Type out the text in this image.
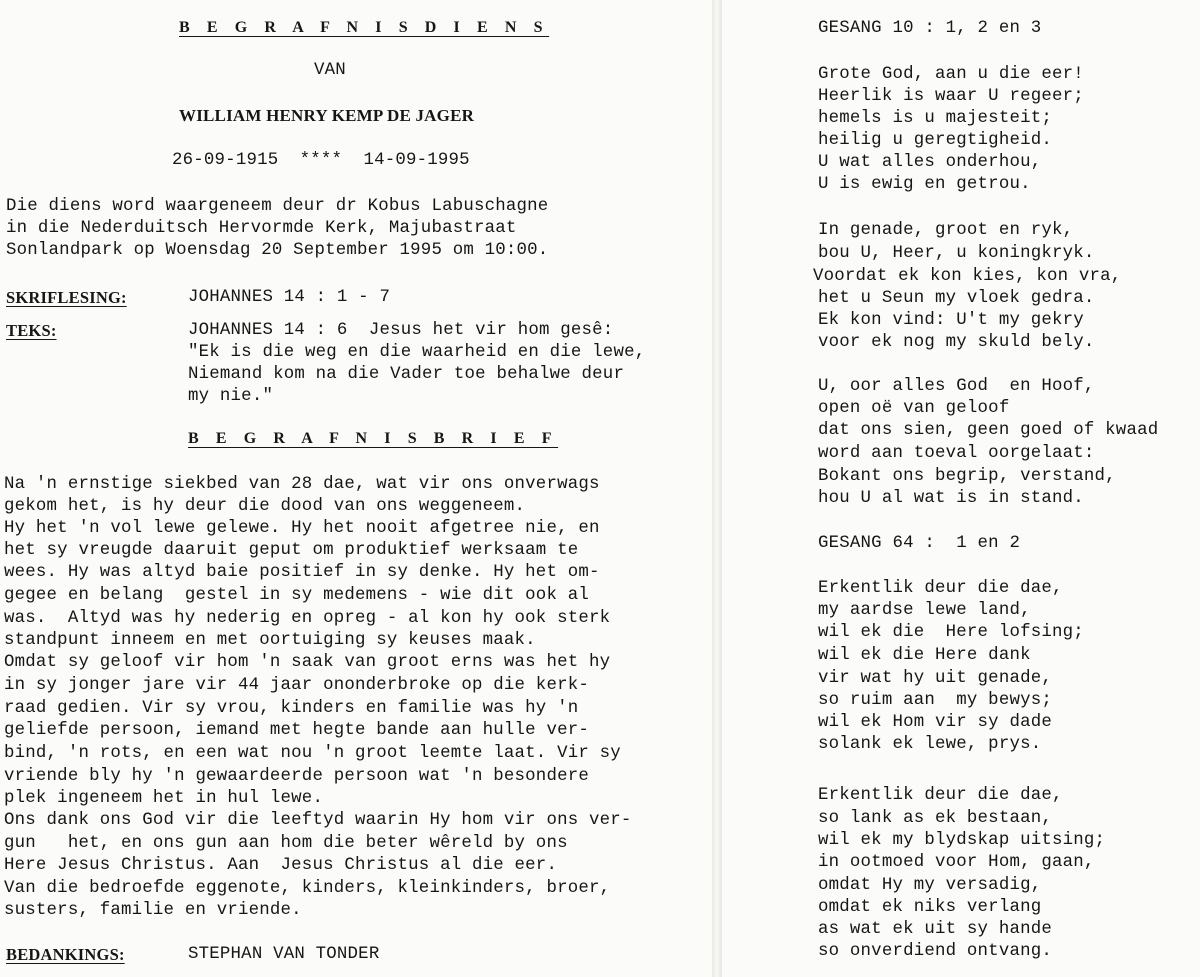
B E G R A F N I S D I E N S
VAN
WILLIAM HENRY KEMP DE JAGER
26-09-1915  ****  14-09-1995
Die diens word waargeneem deur dr Kobus Labuschagne
in die Nederduitsch Hervormde Kerk, Majubastraat
Sonlandpark op Woensdag 20 September 1995 om 10:00.
SKRIFLESING:	JOHANNES 14 : 1 - 7
TEKS:	JOHANNES 14 : 6  Jesus het vir hom gesê:
"Ek is die weg en die waarheid en die lewe,
Niemand kom na die Vader toe behalwe deur
my nie."
B E G R A F N I S B R I E F
Na 'n ernstige siekbed van 28 dae, wat vir ons onverwags
gekom het, is hy deur die dood van ons weggeneem.
Hy het 'n vol lewe gelewe. Hy het nooit afgetree nie, en
het sy vreugde daaruit geput om produktief werksaam te
wees. Hy was altyd baie positief in sy denke. Hy het om-
gegee en belang  gestel in sy medemens - wie dit ook al
was.  Altyd was hy nederig en opreg - al kon hy ook sterk
standpunt inneem en met oortuiging sy keuses maak.
Omdat sy geloof vir hom 'n saak van groot erns was het hy
in sy jonger jare vir 44 jaar ononderbroke op die kerk-
raad gedien. Vir sy vrou, kinders en familie was hy 'n
geliefde persoon, iemand met hegte bande aan hulle ver-
bind, 'n rots, en een wat nou 'n groot leemte laat. Vir sy
vriende bly hy 'n gewaardeerde persoon wat 'n besondere
plek ingeneem het in hul lewe.
Ons dank ons God vir die leeftyd waarin Hy hom vir ons ver-
gun   het, en ons gun aan hom die beter wêreld by ons
Here Jesus Christus. Aan  Jesus Christus al die eer.
Van die bedroefde eggenote, kinders, kleinkinders, broer,
susters, familie en vriende.
BEDANKINGS:	STEPHAN VAN TONDER
GESANG 10 : 1, 2 en 3
Grote God, aan u die eer!
Heerlik is waar U regeer;
hemels is u majesteit;
heilig u geregtigheid.
U wat alles onderhou,
U is ewig en getrou.
In genade, groot en ryk,
bou U, Heer, u koningkryk.
Voordat ek kon kies, kon vra,
het u Seun my vloek gedra.
Ek kon vind: U't my gekry
voor ek nog my skuld bely.
U, oor alles God  en Hoof,
open oë van geloof
dat ons sien, geen goed of kwaad
word aan toeval oorgelaat:
Bokant ons begrip, verstand,
hou U al wat is in stand.
GESANG 64 :  1 en 2
Erkentlik deur die dae,
my aardse lewe land,
wil ek die  Here lofsing;
wil ek die Here dank
vir wat hy uit genade,
so ruim aan  my bewys;
wil ek Hom vir sy dade
solank ek lewe, prys.
Erkentlik deur die dae,
so lank as ek bestaan,
wil ek my blydskap uitsing;
in ootmoed voor Hom, gaan,
omdat Hy my versadig,
omdat ek niks verlang
as wat ek uit sy hande
so onverdiend ontvang.
